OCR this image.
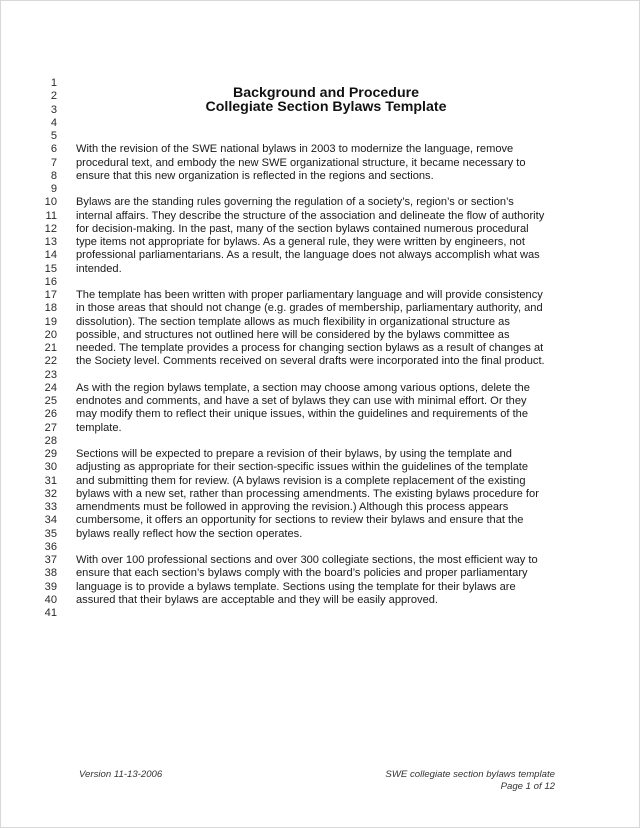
1
2	Background and Procedure
3	Collegiate Section Bylaws Template
4
5
6 With the revision of the SWE national bylaws in 2003 to modernize the language, remove
7 procedural text, and embody the new SWE organizational structure, it became necessary to
8 ensure that this new organization is reflected in the regions and sections.
9
10 Bylaws are the standing rules governing the regulation of a society’s, region’s or section’s
11 internal affairs. They describe the structure of the association and delineate the flow of authority
12 for decision-making. In the past, many of the section bylaws contained numerous procedural
13 type items not appropriate for bylaws. As a general rule, they were written by engineers, not
14 professional parliamentarians. As a result, the language does not always accomplish what was
15 intended.
16
17 The template has been written with proper parliamentary language and will provide consistency
18 in those areas that should not change (e.g. grades of membership, parliamentary authority, and
19 dissolution). The section template allows as much flexibility in organizational structure as
20 possible, and structures not outlined here will be considered by the bylaws committee as
21 needed. The template provides a process for changing section bylaws as a result of changes at
22 the Society level. Comments received on several drafts were incorporated into the final product.
23
24 As with the region bylaws template, a section may choose among various options, delete the
25 endnotes and comments, and have a set of bylaws they can use with minimal effort. Or they
26 may modify them to reflect their unique issues, within the guidelines and requirements of the
27 template.
28
29 Sections will be expected to prepare a revision of their bylaws, by using the template and
30 adjusting as appropriate for their section-specific issues within the guidelines of the template
31 and submitting them for review. (A bylaws revision is a complete replacement of the existing
32 bylaws with a new set, rather than processing amendments. The existing bylaws procedure for
33 amendments must be followed in approving the revision.) Although this process appears
34 cumbersome, it offers an opportunity for sections to review their bylaws and ensure that the
35 bylaws really reflect how the section operates.
36
37 With over 100 professional sections and over 300 collegiate sections, the most efficient way to
38 ensure that each section’s bylaws comply with the board’s policies and proper parliamentary
39 language is to provide a bylaws template. Sections using the template for their bylaws are
40 assured that their bylaws are acceptable and they will be easily approved.
41
Version 11-13-2006	SWE collegiate section bylaws template
Page 1 of 12
